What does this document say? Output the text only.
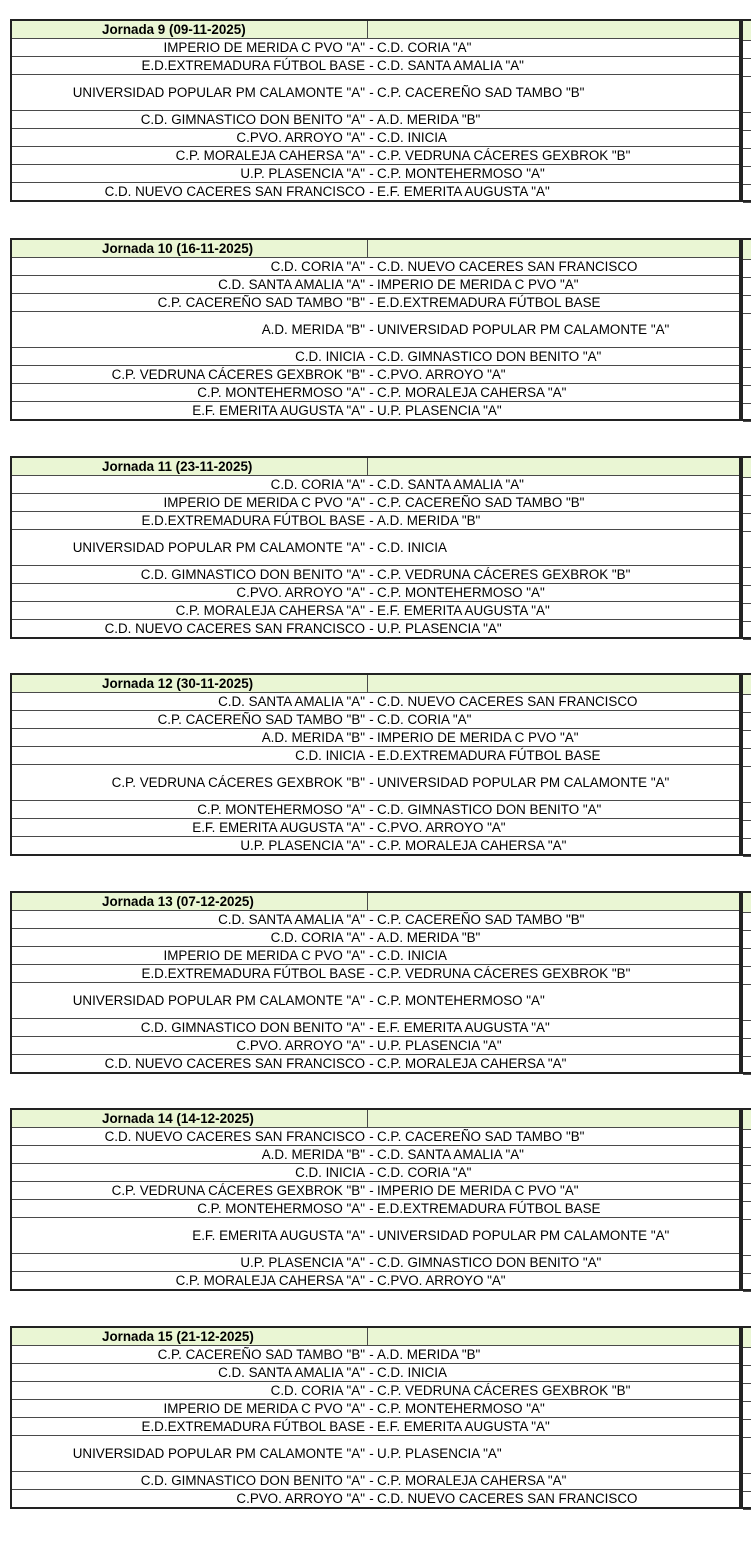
Jornada 9 (09-11-2025)		
IMPERIO DE MERIDA C PVO "A"	-	C.D. CORIA "A"
E.D.EXTREMADURA FÚTBOL BASE	-	C.D. SANTA AMALIA "A"
UNIVERSIDAD POPULAR PM CALAMONTE "A"	-	C.P. CACEREÑO SAD TAMBO "B"
C.D. GIMNASTICO DON BENITO "A"	-	A.D. MERIDA "B"
C.PVO. ARROYO "A"	-	C.D. INICIA
C.P. MORALEJA CAHERSA "A"	-	C.P. VEDRUNA CÁCERES GEXBROK "B"
U.P. PLASENCIA "A"	-	C.P. MONTEHERMOSO "A"
C.D. NUEVO CACERES SAN FRANCISCO	-	E.F. EMERITA AUGUSTA "A"
Jornada 10 (16-11-2025)		
C.D. CORIA "A"	-	C.D. NUEVO CACERES SAN FRANCISCO
C.D. SANTA AMALIA "A"	-	IMPERIO DE MERIDA C PVO "A"
C.P. CACEREÑO SAD TAMBO "B"	-	E.D.EXTREMADURA FÚTBOL BASE
A.D. MERIDA "B"	-	UNIVERSIDAD POPULAR PM CALAMONTE "A"
C.D. INICIA	-	C.D. GIMNASTICO DON BENITO "A"
C.P. VEDRUNA CÁCERES GEXBROK "B"	-	C.PVO. ARROYO "A"
C.P. MONTEHERMOSO "A"	-	C.P. MORALEJA CAHERSA "A"
E.F. EMERITA AUGUSTA "A"	-	U.P. PLASENCIA "A"
Jornada 11 (23-11-2025)		
C.D. CORIA "A"	-	C.D. SANTA AMALIA "A"
IMPERIO DE MERIDA C PVO "A"	-	C.P. CACEREÑO SAD TAMBO "B"
E.D.EXTREMADURA FÚTBOL BASE	-	A.D. MERIDA "B"
UNIVERSIDAD POPULAR PM CALAMONTE "A"	-	C.D. INICIA
C.D. GIMNASTICO DON BENITO "A"	-	C.P. VEDRUNA CÁCERES GEXBROK "B"
C.PVO. ARROYO "A"	-	C.P. MONTEHERMOSO "A"
C.P. MORALEJA CAHERSA "A"	-	E.F. EMERITA AUGUSTA "A"
C.D. NUEVO CACERES SAN FRANCISCO	-	U.P. PLASENCIA "A"
Jornada 12 (30-11-2025)		
C.D. SANTA AMALIA "A"	-	C.D. NUEVO CACERES SAN FRANCISCO
C.P. CACEREÑO SAD TAMBO "B"	-	C.D. CORIA "A"
A.D. MERIDA "B"	-	IMPERIO DE MERIDA C PVO "A"
C.D. INICIA	-	E.D.EXTREMADURA FÚTBOL BASE
C.P. VEDRUNA CÁCERES GEXBROK "B"	-	UNIVERSIDAD POPULAR PM CALAMONTE "A"
C.P. MONTEHERMOSO "A"	-	C.D. GIMNASTICO DON BENITO "A"
E.F. EMERITA AUGUSTA "A"	-	C.PVO. ARROYO "A"
U.P. PLASENCIA "A"	-	C.P. MORALEJA CAHERSA "A"
Jornada 13 (07-12-2025)		
C.D. SANTA AMALIA "A"	-	C.P. CACEREÑO SAD TAMBO "B"
C.D. CORIA "A"	-	A.D. MERIDA "B"
IMPERIO DE MERIDA C PVO "A"	-	C.D. INICIA
E.D.EXTREMADURA FÚTBOL BASE	-	C.P. VEDRUNA CÁCERES GEXBROK "B"
UNIVERSIDAD POPULAR PM CALAMONTE "A"	-	C.P. MONTEHERMOSO "A"
C.D. GIMNASTICO DON BENITO "A"	-	E.F. EMERITA AUGUSTA "A"
C.PVO. ARROYO "A"	-	U.P. PLASENCIA "A"
C.D. NUEVO CACERES SAN FRANCISCO	-	C.P. MORALEJA CAHERSA "A"
Jornada 14 (14-12-2025)		
C.D. NUEVO CACERES SAN FRANCISCO	-	C.P. CACEREÑO SAD TAMBO "B"
A.D. MERIDA "B"	-	C.D. SANTA AMALIA "A"
C.D. INICIA	-	C.D. CORIA "A"
C.P. VEDRUNA CÁCERES GEXBROK "B"	-	IMPERIO DE MERIDA C PVO "A"
C.P. MONTEHERMOSO "A"	-	E.D.EXTREMADURA FÚTBOL BASE
E.F. EMERITA AUGUSTA "A"	-	UNIVERSIDAD POPULAR PM CALAMONTE "A"
U.P. PLASENCIA "A"	-	C.D. GIMNASTICO DON BENITO "A"
C.P. MORALEJA CAHERSA "A"	-	C.PVO. ARROYO "A"
Jornada 15 (21-12-2025)		
C.P. CACEREÑO SAD TAMBO "B"	-	A.D. MERIDA "B"
C.D. SANTA AMALIA "A"	-	C.D. INICIA
C.D. CORIA "A"	-	C.P. VEDRUNA CÁCERES GEXBROK "B"
IMPERIO DE MERIDA C PVO "A"	-	C.P. MONTEHERMOSO "A"
E.D.EXTREMADURA FÚTBOL BASE	-	E.F. EMERITA AUGUSTA "A"
UNIVERSIDAD POPULAR PM CALAMONTE "A"	-	U.P. PLASENCIA "A"
C.D. GIMNASTICO DON BENITO "A"	-	C.P. MORALEJA CAHERSA "A"
C.PVO. ARROYO "A"	-	C.D. NUEVO CACERES SAN FRANCISCO
